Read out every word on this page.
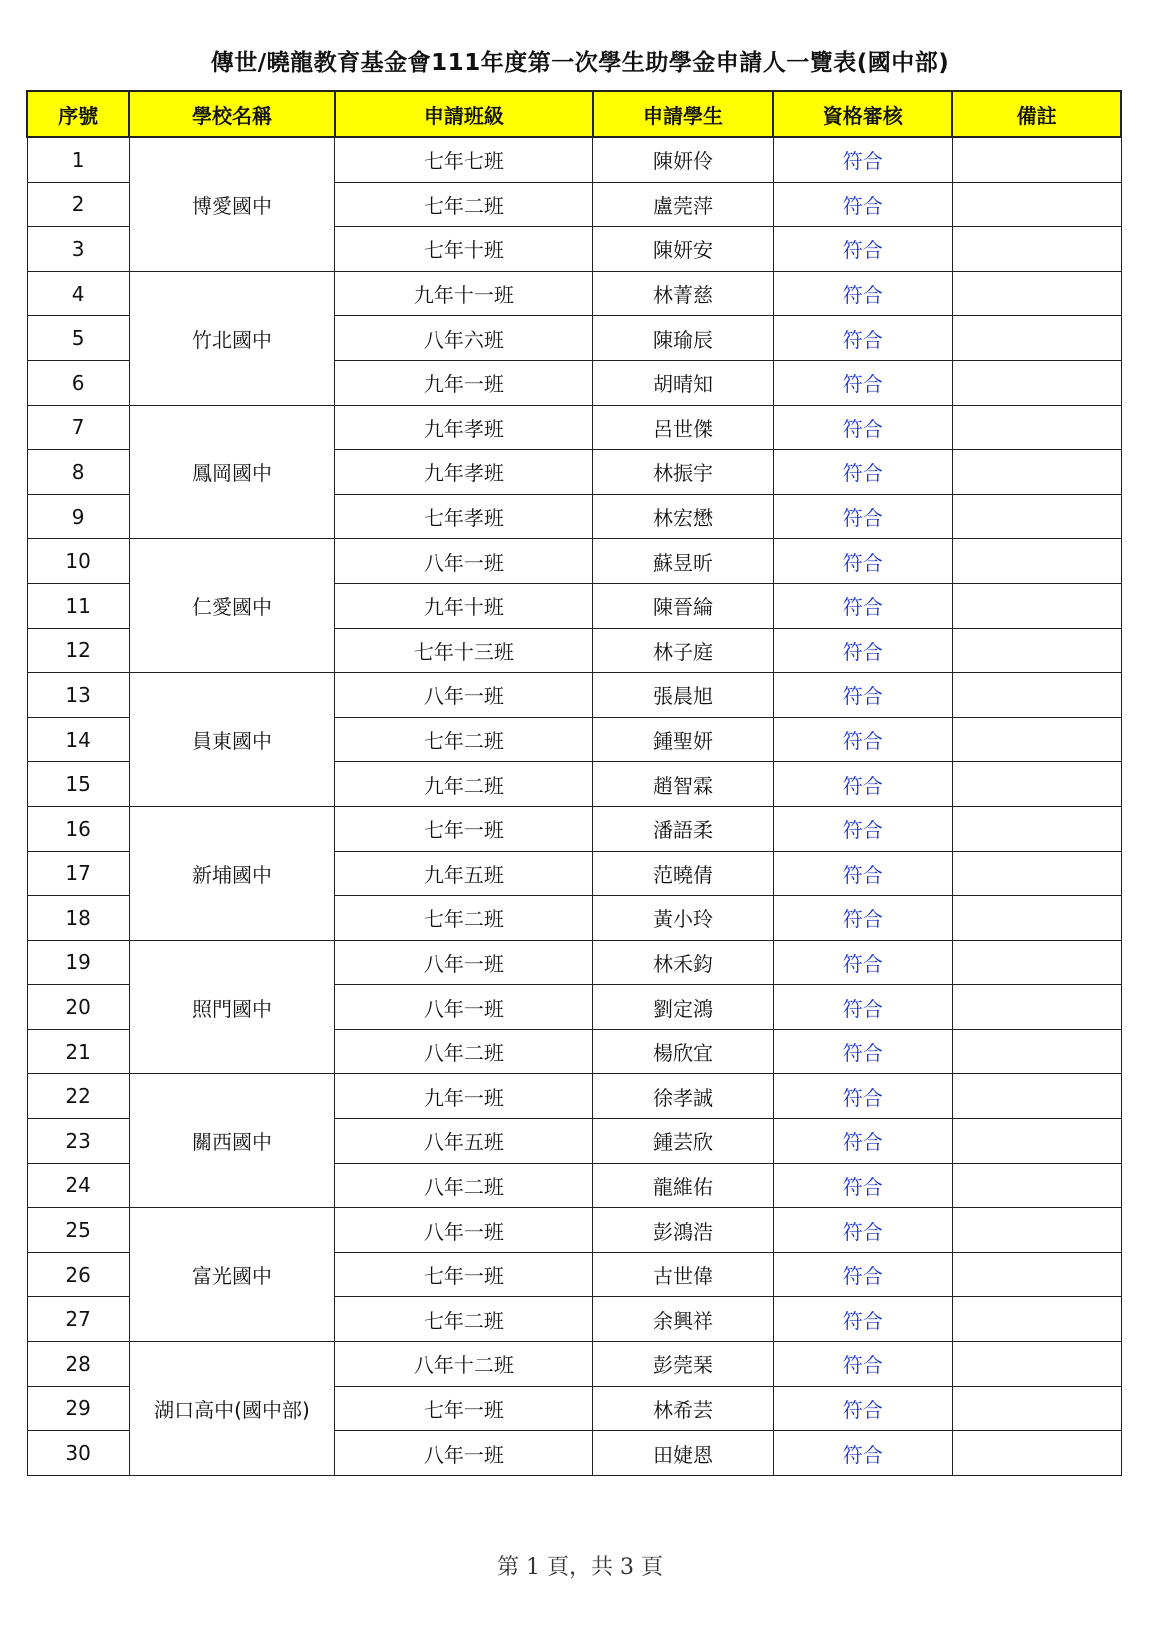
傳世/曉龍教育基金會111年度第一次學生助學金申請人一覽表(國中部)
序號	學校名稱	申請班級	申請學生	資格審核	備註
1	博愛國中	七年七班	陳妍伶	符合	
2		七年二班	盧莞萍	符合	
3		七年十班	陳妍安	符合	
4	竹北國中	九年十一班	林菁慈	符合	
5		八年六班	陳瑜辰	符合	
6		九年一班	胡晴知	符合	
7	鳳岡國中	九年孝班	呂世傑	符合	
8		九年孝班	林振宇	符合	
9		七年孝班	林宏懋	符合	
10	仁愛國中	八年一班	蘇昱昕	符合	
11		九年十班	陳晉綸	符合	
12		七年十三班	林子庭	符合	
13	員東國中	八年一班	張晨旭	符合	
14		七年二班	鍾聖妍	符合	
15		九年二班	趙智霖	符合	
16	新埔國中	七年一班	潘語柔	符合	
17		九年五班	范曉倩	符合	
18		七年二班	黃小玲	符合	
19	照門國中	八年一班	林禾鈞	符合	
20		八年一班	劉定鴻	符合	
21		八年二班	楊欣宜	符合	
22	關西國中	九年一班	徐孝誠	符合	
23		八年五班	鍾芸欣	符合	
24		八年二班	龍維佑	符合	
25	富光國中	八年一班	彭鴻浩	符合	
26		七年一班	古世偉	符合	
27		七年二班	余興祥	符合	
28	湖口高中(國中部)	八年十二班	彭莞琹	符合	
29		七年一班	林希芸	符合	
30		八年一班	田婕恩	符合	
第 1 頁，共 3 頁
